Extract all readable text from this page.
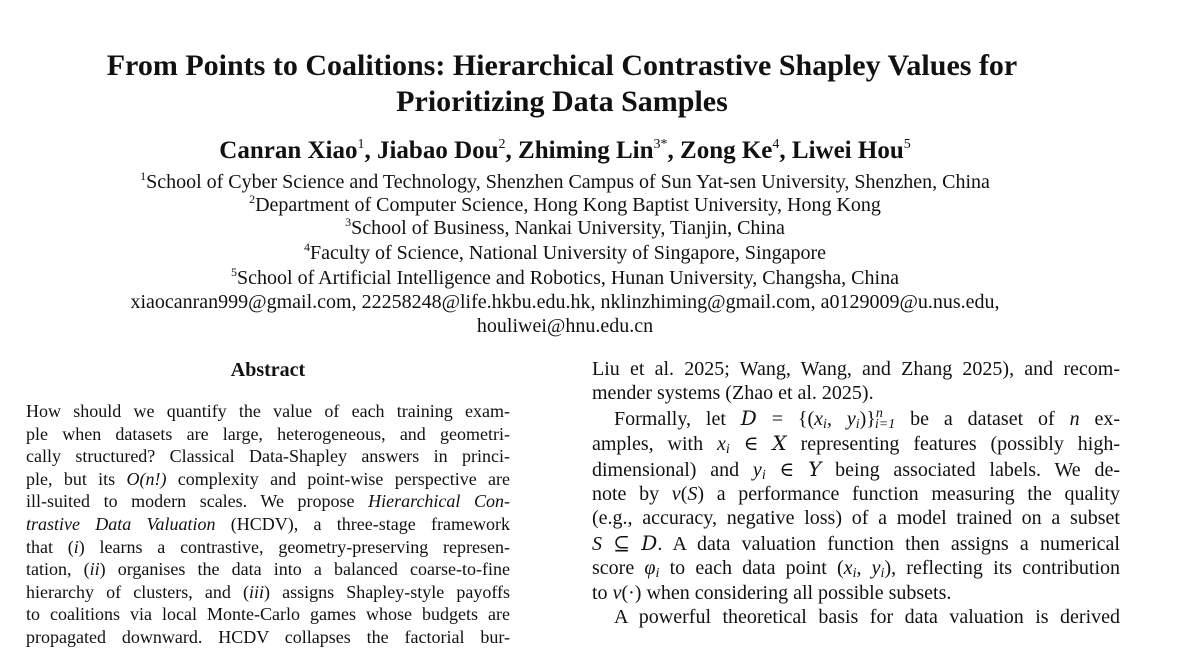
From Points to Coalitions: Hierarchical Contrastive Shapley Values for
Prioritizing Data Samples
Canran Xiao$^1$, Jiabao Dou$^2$, Zhiming Lin$^{3*}$, Zong Ke$^4$, Liwei Hou$^5$
$^1$School of Cyber Science and Technology, Shenzhen Campus of Sun Yat-sen University, Shenzhen, China
$^2$Department of Computer Science, Hong Kong Baptist University, Hong Kong
$^3$School of Business, Nankai University, Tianjin, China
$^4$Faculty of Science, National University of Singapore, Singapore
$^5$School of Artificial Intelligence and Robotics, Hunan University, Changsha, China
xiaocanran999@gmail.com, 22258248@life.hkbu.edu.hk, nklinzhiming@gmail.com, a0129009@u.nus.edu,
houliwei@hnu.edu.cn
Abstract
How should we quantify the value of each training exam-
ple when datasets are large, heterogeneous, and geometri-
cally structured? Classical Data-Shapley answers in princi-
ple, but its O(n!) complexity and point-wise perspective are
ill-suited to modern scales. We propose Hierarchical Con-
trastive Data Valuation (HCDV), a three-stage framework
that (i) learns a contrastive, geometry-preserving represen-
tation, (ii) organises the data into a balanced coarse-to-fine
hierarchy of clusters, and (iii) assigns Shapley-style payoffs
to coalitions via local Monte-Carlo games whose budgets are
propagated downward. HCDV collapses the factorial bur-
Liu et al. 2025; Wang, Wang, and Zhang 2025), and recom-
mender systems (Zhao et al. 2025).
Formally, let $D = \{(x_i$, $y_i)\}^n_{i=1}$ be a dataset of n ex-
amples, with $x_i$ ∈ X representing features (possibly high-
dimensional) and $y_i$ ∈ Y being associated labels. We de-
note by v(S) a performance function measuring the quality
(e.g., accuracy, negative loss) of a model trained on a subset
S ⊆ D. A data valuation function then assigns a numerical
score $\varphi_i$ to each data point ($x_i$, $y_i$), reflecting its contribution
to v(·) when considering all possible subsets.
A powerful theoretical basis for data valuation is derived
